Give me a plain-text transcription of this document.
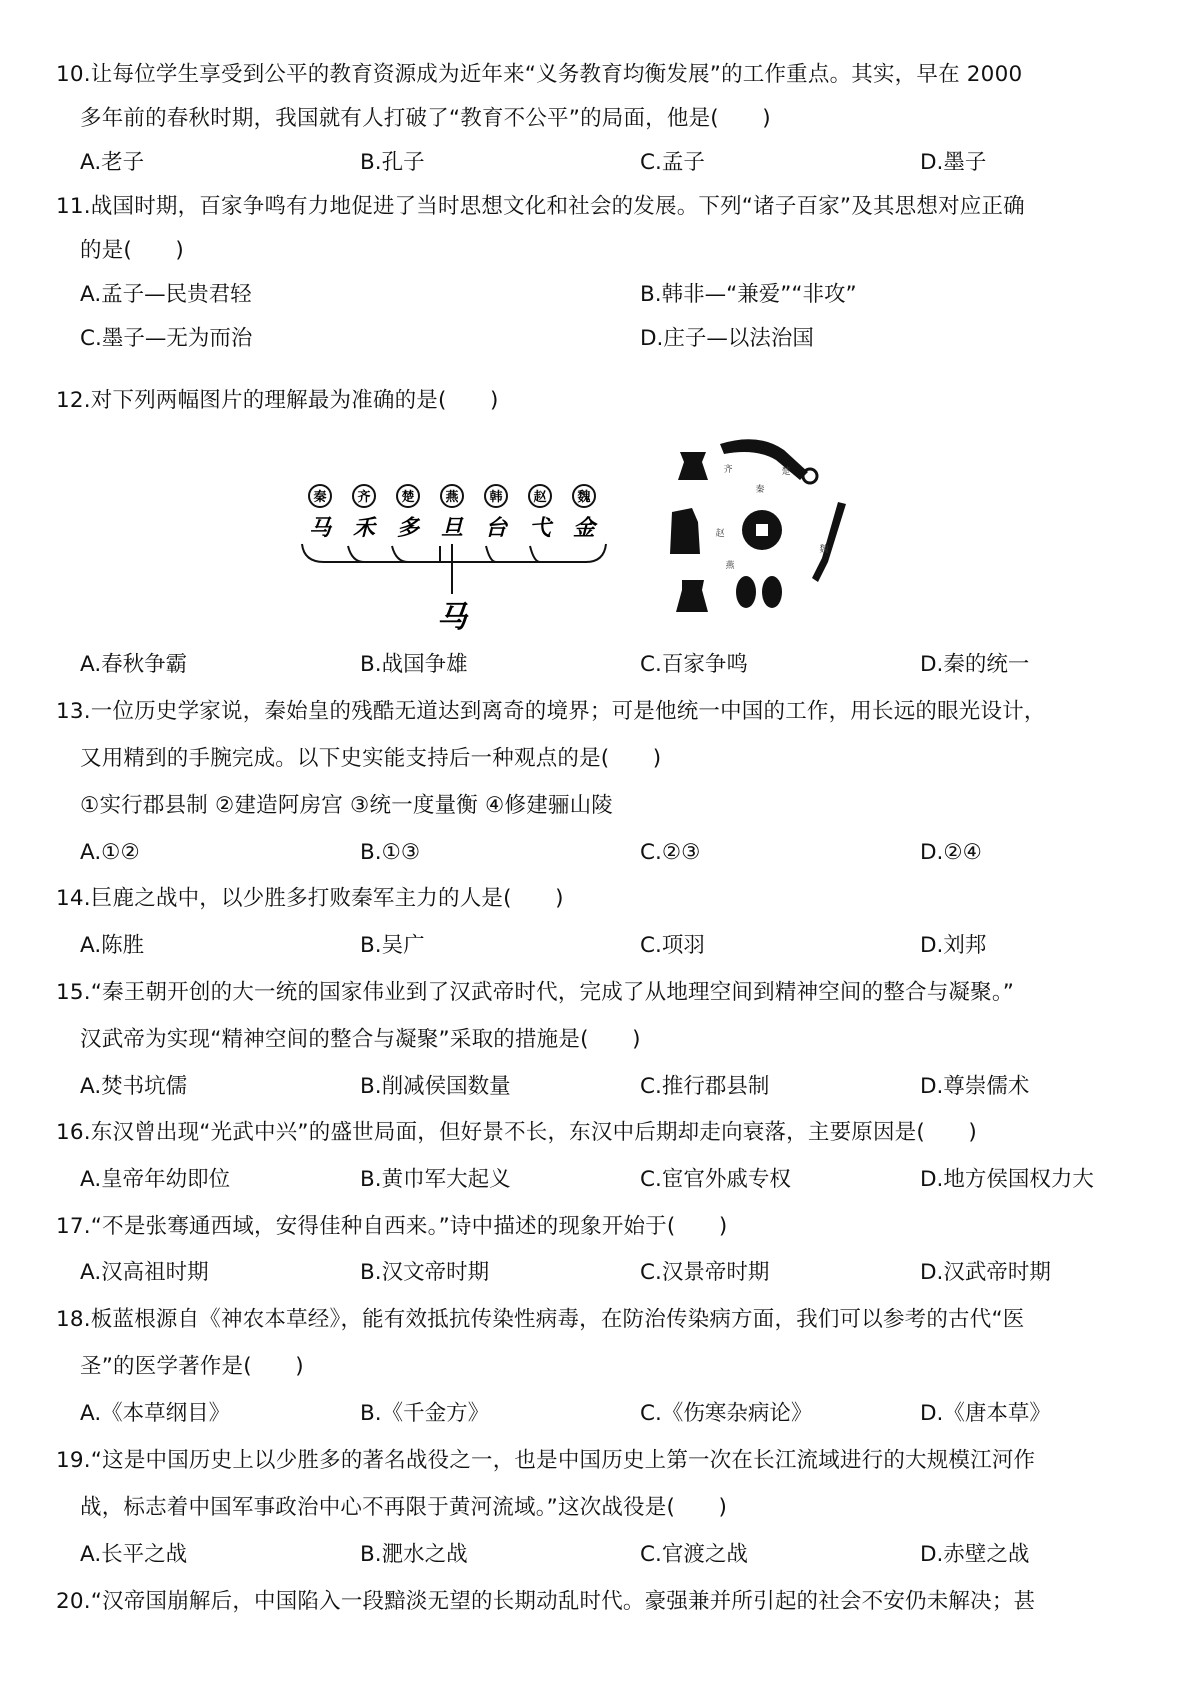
10.让每位学生享受到公平的教育资源成为近年来“义务教育均衡发展”的工作重点。其实，早在 2000
多年前的春秋时期，我国就有人打破了“教育不公平”的局面，他是(　　)
A.老子	B.孔子	C.孟子	D.墨子
11.战国时期，百家争鸣有力地促进了当时思想文化和社会的发展。下列“诸子百家”及其思想对应正确
的是(　　)
A.孟子—民贵君轻	B.韩非—“兼爱”“非攻”
C.墨子—无为而治	D.庄子—以法治国
12.对下列两幅图片的理解最为准确的是(　　)
秦 齐 楚 燕 韩 赵 魏
马 禾 多 旦 台 弋 金
马
齐	楚
秦
赵
魏
燕
A.春秋争霸	B.战国争雄	C.百家争鸣	D.秦的统一
13.一位历史学家说，秦始皇的残酷无道达到离奇的境界；可是他统一中国的工作，用长远的眼光设计，
又用精到的手腕完成。以下史实能支持后一种观点的是(　　)
①实行郡县制 ②建造阿房宫 ③统一度量衡 ④修建骊山陵
A.①②	B.①③	C.②③	D.②④
14.巨鹿之战中，以少胜多打败秦军主力的人是(　　)
A.陈胜	B.吴广	C.项羽	D.刘邦
15.“秦王朝开创的大一统的国家伟业到了汉武帝时代，完成了从地理空间到精神空间的整合与凝聚。”
汉武帝为实现“精神空间的整合与凝聚”采取的措施是(　　)
A.焚书坑儒	B.削减侯国数量	C.推行郡县制	D.尊崇儒术
16.东汉曾出现“光武中兴”的盛世局面，但好景不长，东汉中后期却走向衰落，主要原因是(　　)
A.皇帝年幼即位	B.黄巾军大起义	C.宦官外戚专权	D.地方侯国权力大
17.“不是张骞通西域，安得佳种自西来。”诗中描述的现象开始于(　　)
A.汉高祖时期	B.汉文帝时期	C.汉景帝时期	D.汉武帝时期
18.板蓝根源自《神农本草经》，能有效抵抗传染性病毒，在防治传染病方面，我们可以参考的古代“医
圣”的医学著作是(　　)
A.《本草纲目》	B.《千金方》	C.《伤寒杂病论》	D.《唐本草》
19.“这是中国历史上以少胜多的著名战役之一，也是中国历史上第一次在长江流域进行的大规模江河作
战，标志着中国军事政治中心不再限于黄河流域。”这次战役是(　　)
A.长平之战	B.淝水之战	C.官渡之战	D.赤壁之战
20.“汉帝国崩解后，中国陷入一段黯淡无望的长期动乱时代。豪强兼并所引起的社会不安仍未解决；甚
